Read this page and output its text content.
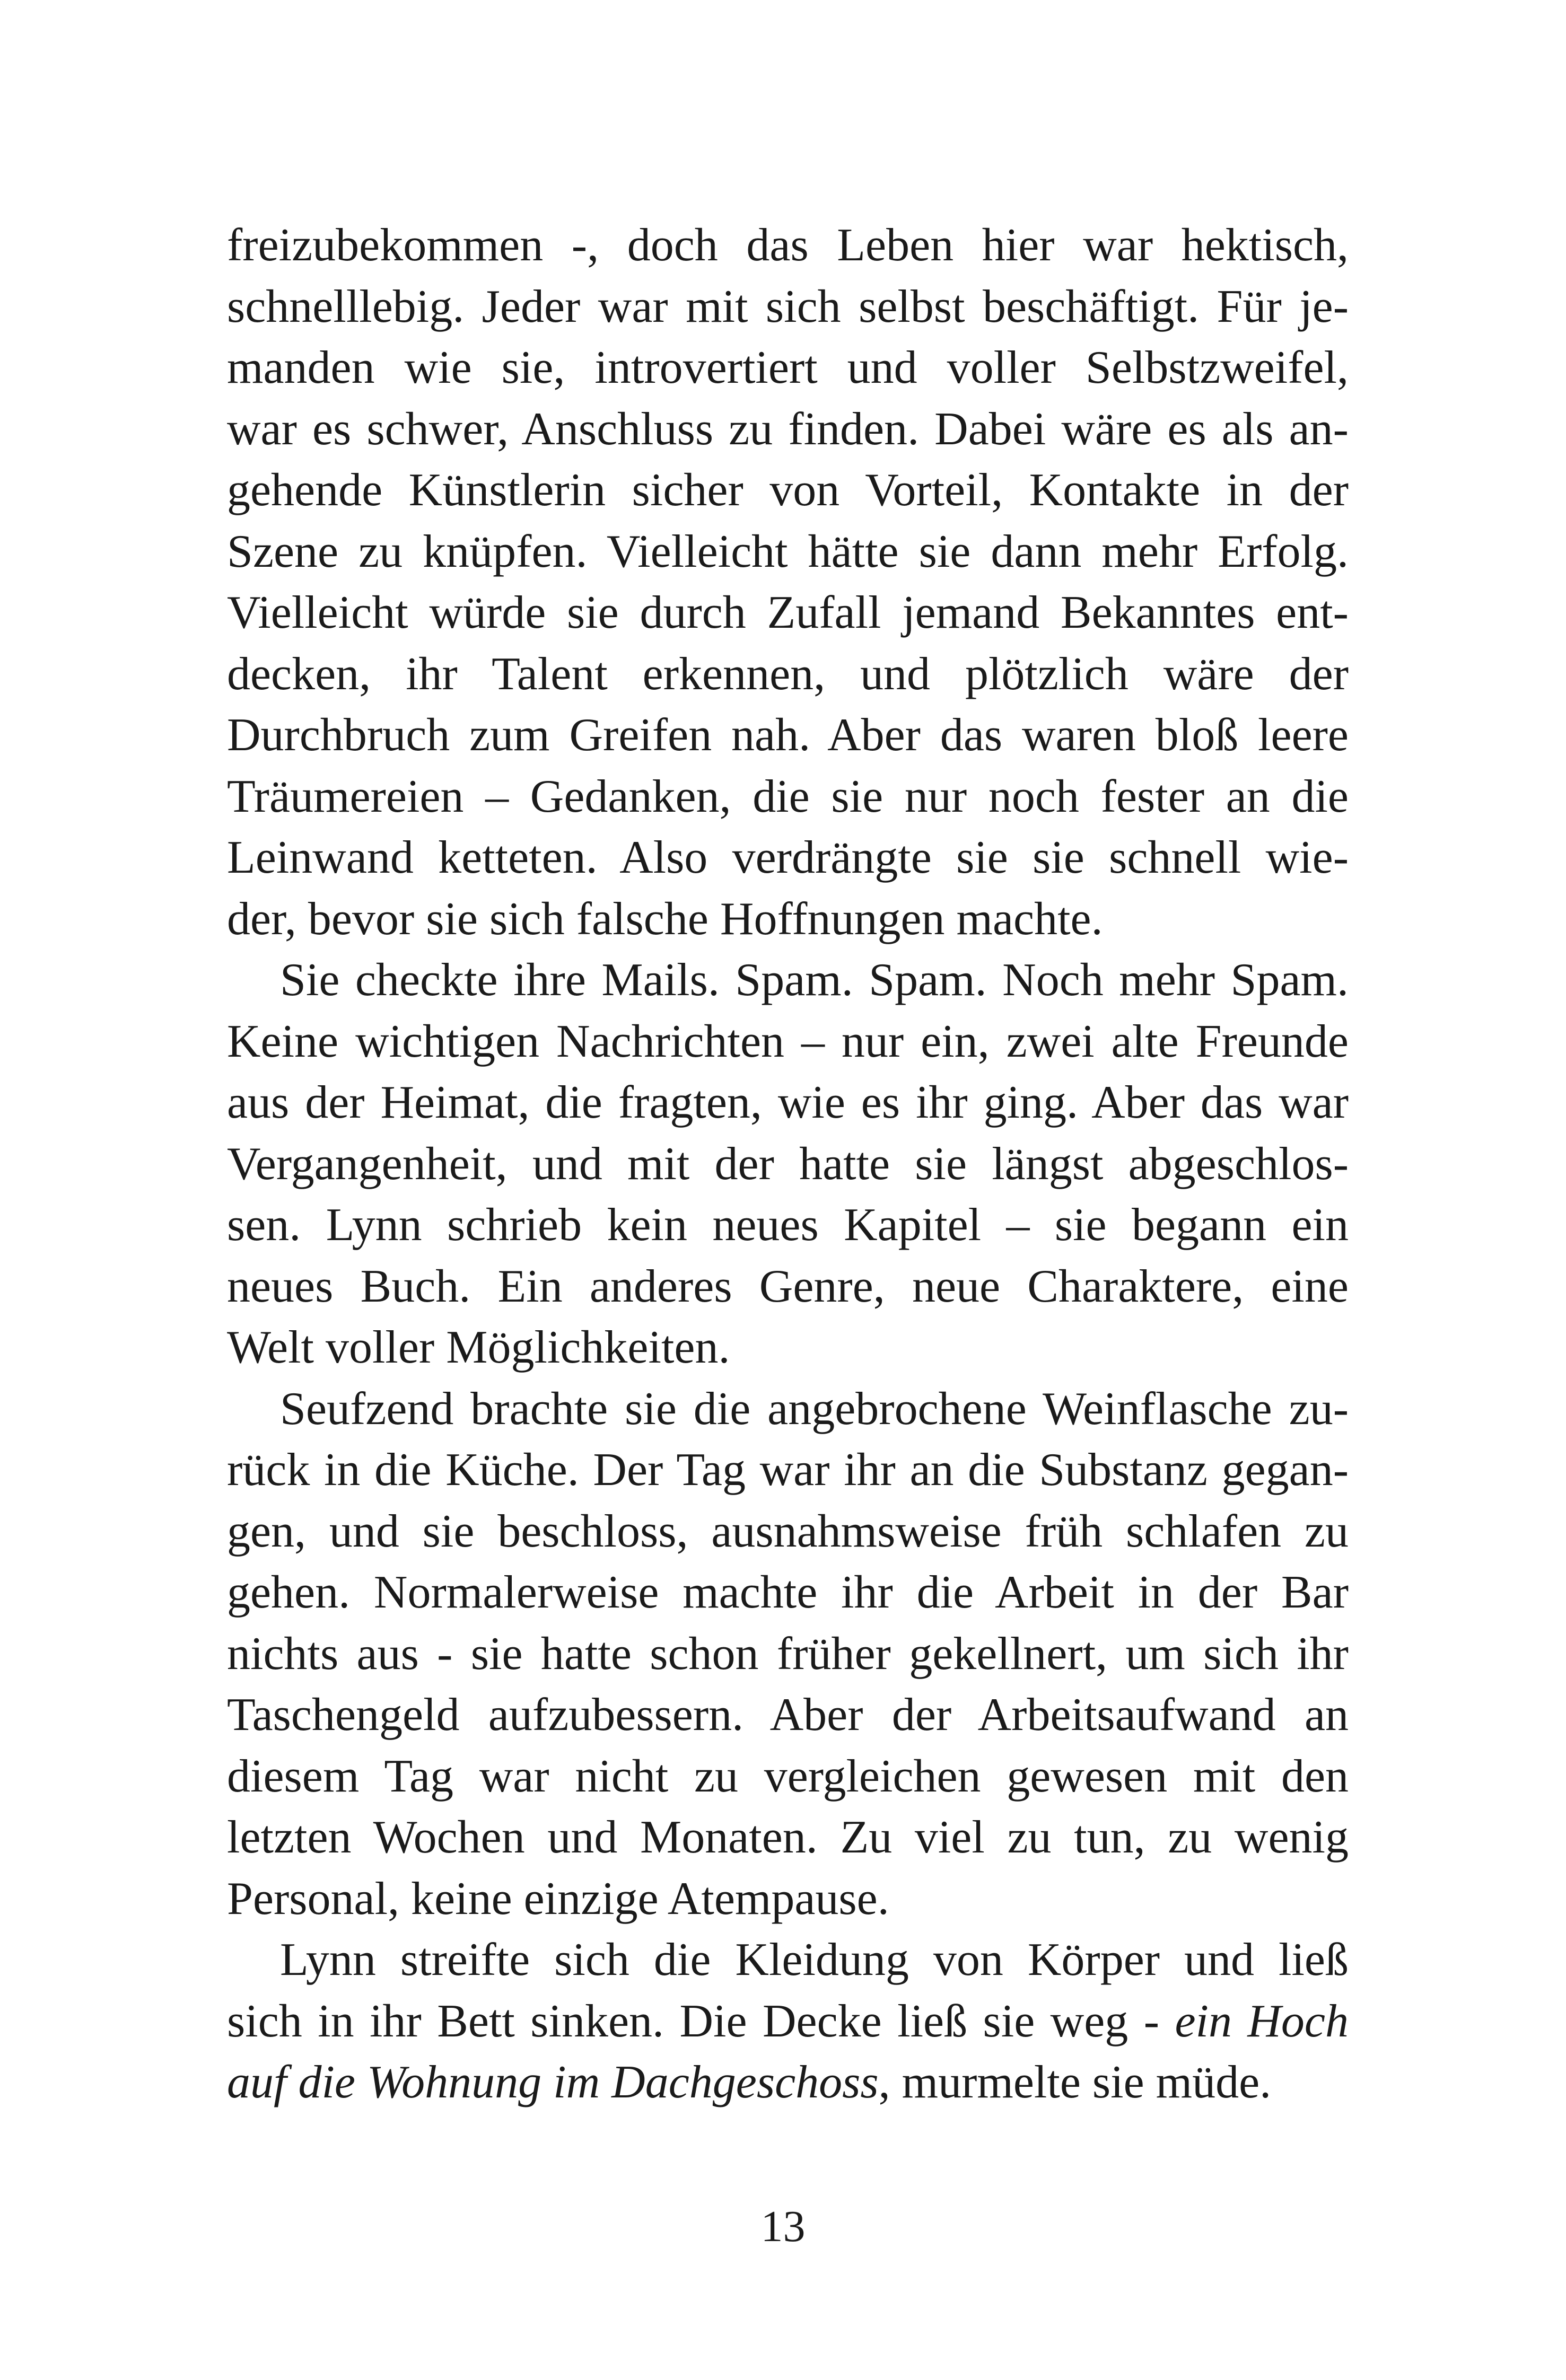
freizubekommen -, doch das Leben hier war hektisch,
schnelllebig. Jeder war mit sich selbst beschäftigt. Für je-
manden wie sie, introvertiert und voller Selbstzweifel,
war es schwer, Anschluss zu finden. Dabei wäre es als an-
gehende Künstlerin sicher von Vorteil, Kontakte in der
Szene zu knüpfen. Vielleicht hätte sie dann mehr Erfolg.
Vielleicht würde sie durch Zufall jemand Bekanntes ent-
decken, ihr Talent erkennen, und plötzlich wäre der
Durchbruch zum Greifen nah. Aber das waren bloß leere
Träumereien – Gedanken, die sie nur noch fester an die
Leinwand ketteten. Also verdrängte sie sie schnell wie-
der, bevor sie sich falsche Hoffnungen machte.
Sie checkte ihre Mails. Spam. Spam. Noch mehr Spam.
Keine wichtigen Nachrichten – nur ein, zwei alte Freunde
aus der Heimat, die fragten, wie es ihr ging. Aber das war
Vergangenheit, und mit der hatte sie längst abgeschlos-
sen. Lynn schrieb kein neues Kapitel – sie begann ein
neues Buch. Ein anderes Genre, neue Charaktere, eine
Welt voller Möglichkeiten.
Seufzend brachte sie die angebrochene Weinflasche zu-
rück in die Küche. Der Tag war ihr an die Substanz gegan-
gen, und sie beschloss, ausnahmsweise früh schlafen zu
gehen. Normalerweise machte ihr die Arbeit in der Bar
nichts aus - sie hatte schon früher gekellnert, um sich ihr
Taschengeld aufzubessern. Aber der Arbeitsaufwand an
diesem Tag war nicht zu vergleichen gewesen mit den
letzten Wochen und Monaten. Zu viel zu tun, zu wenig
Personal, keine einzige Atempause.
Lynn streifte sich die Kleidung von Körper und ließ
sich in ihr Bett sinken. Die Decke ließ sie weg - ein Hoch
auf die Wohnung im Dachgeschoss, murmelte sie müde.
13
